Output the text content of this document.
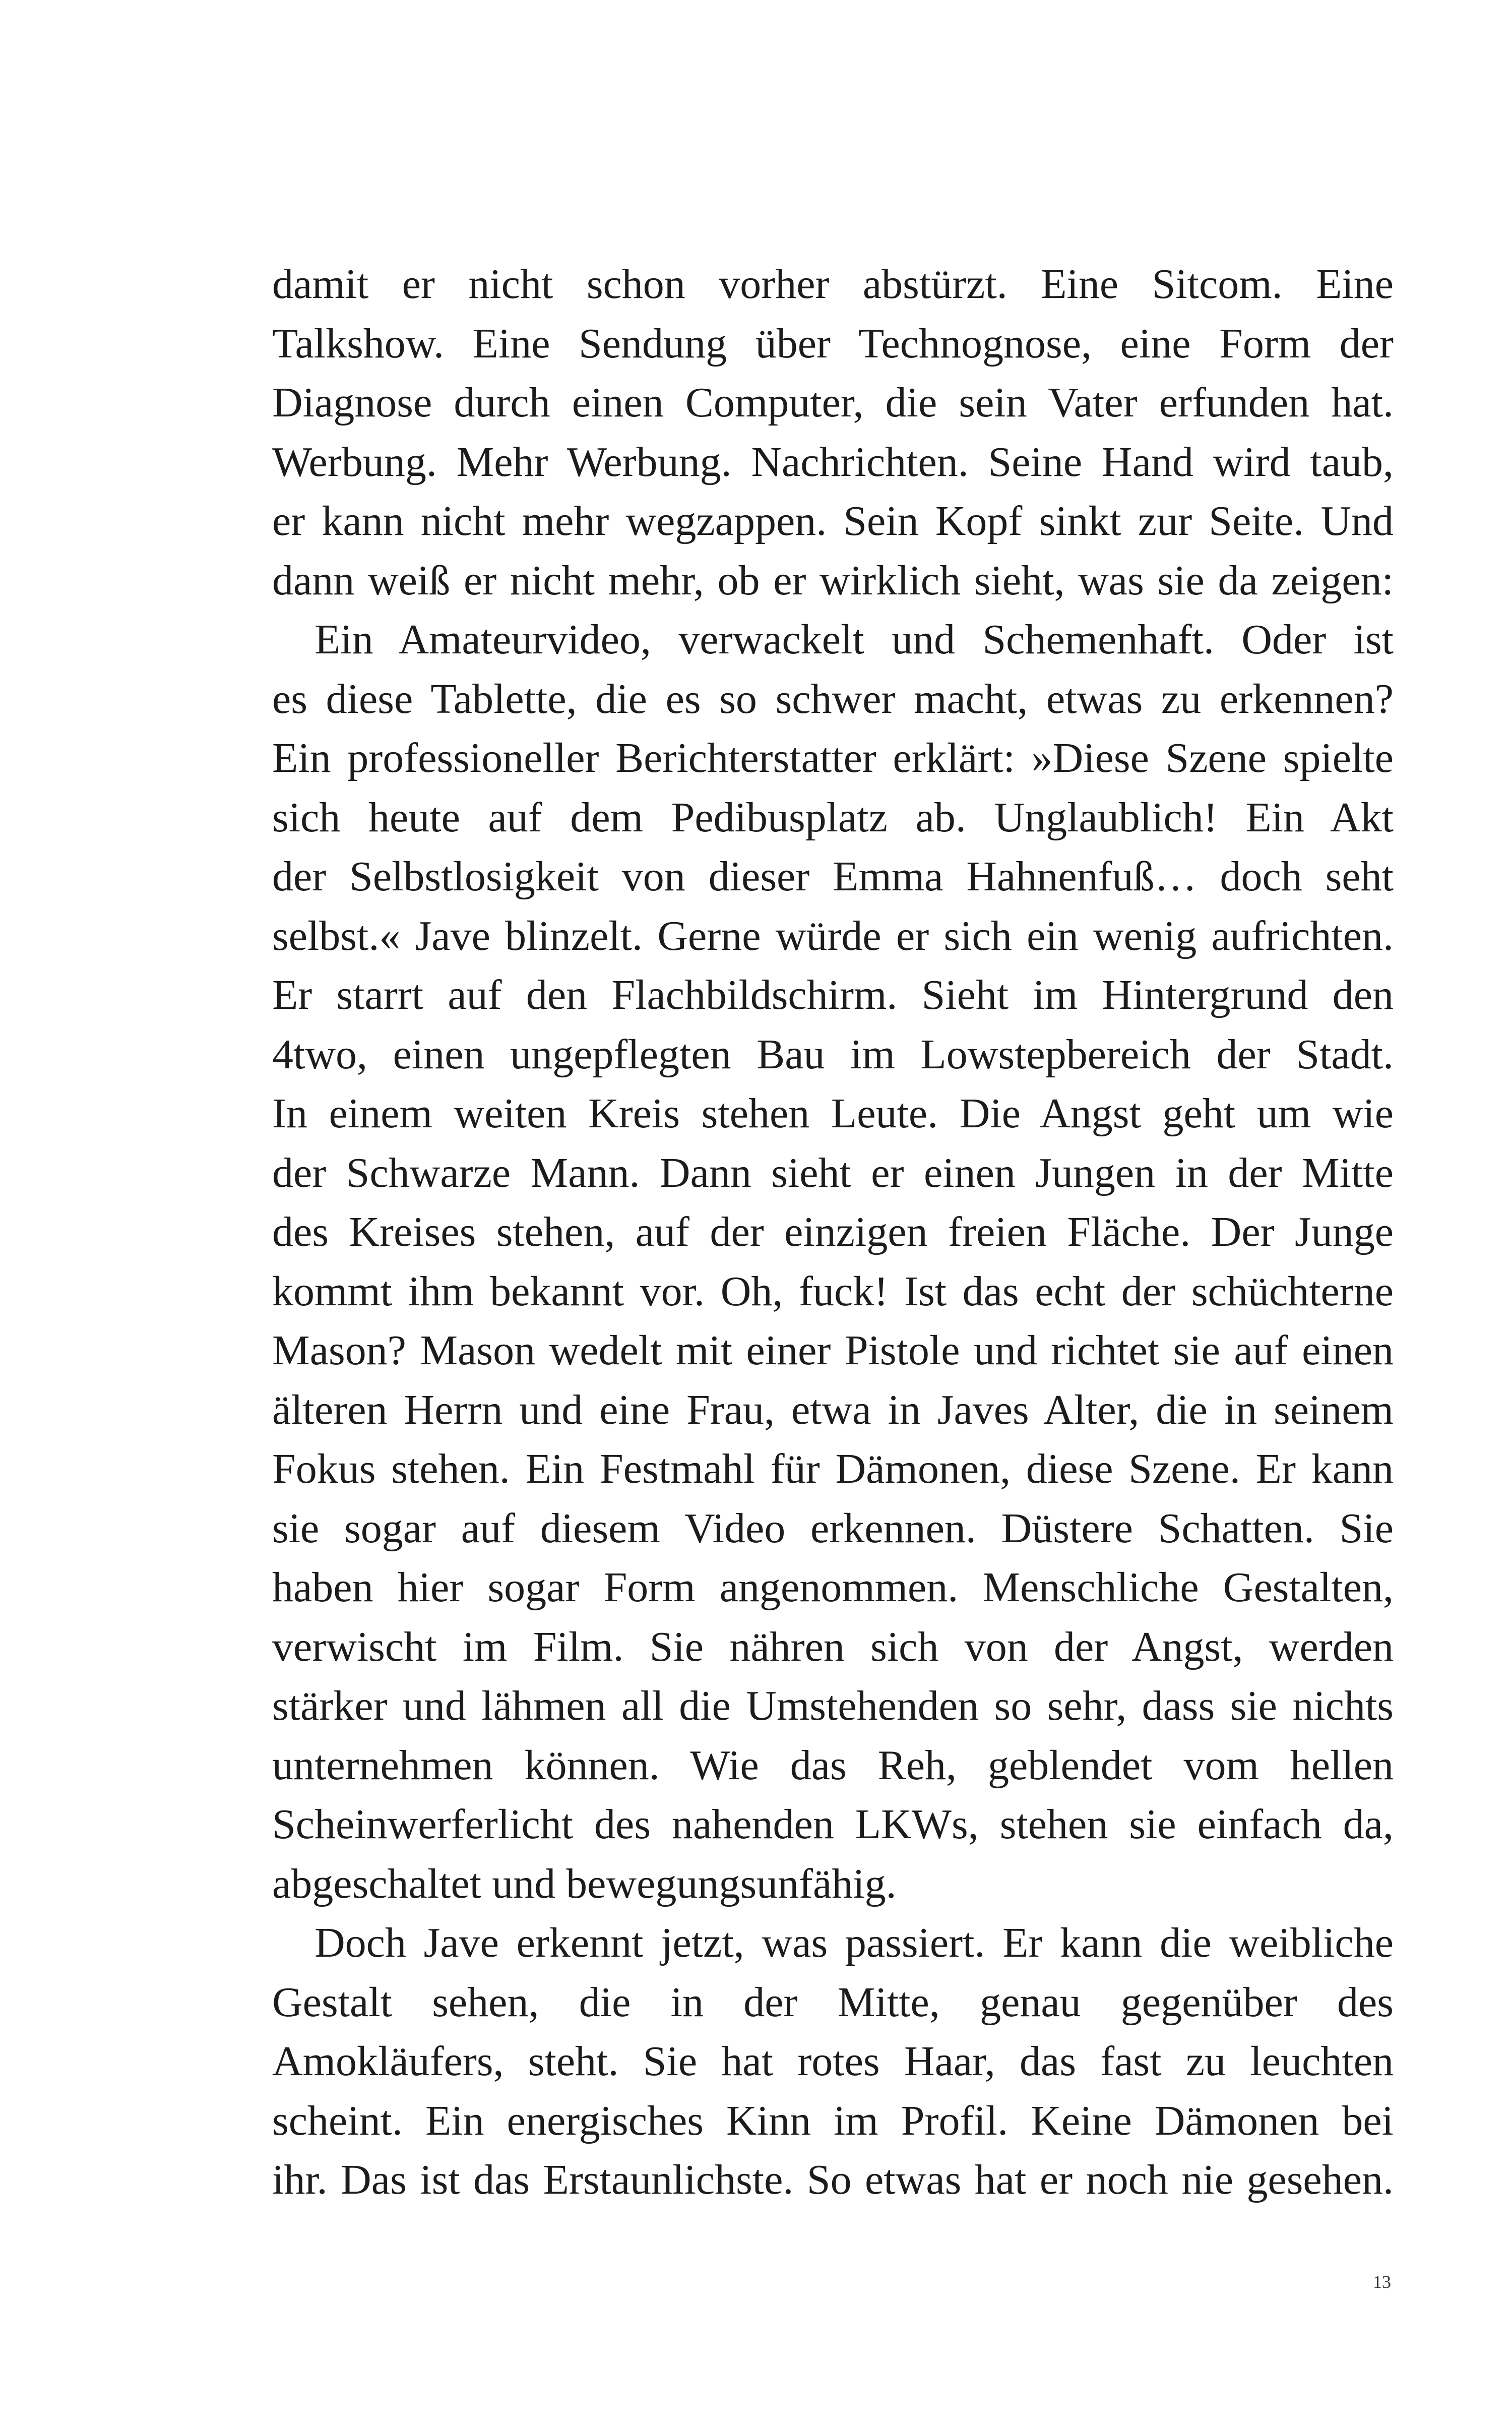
damit er nicht schon vorher abstürzt. Eine Sitcom. Eine
Talkshow. Eine Sendung über Technognose, eine Form der
Diagnose durch einen Computer, die sein Vater erfunden hat.
Werbung. Mehr Werbung. Nachrichten. Seine Hand wird taub,
er kann nicht mehr wegzappen. Sein Kopf sinkt zur Seite. Und
dann weiß er nicht mehr, ob er wirklich sieht, was sie da zeigen:
Ein Amateurvideo, verwackelt und Schemenhaft. Oder ist
es diese Tablette, die es so schwer macht, etwas zu erkennen?
Ein professioneller Berichterstatter erklärt: »Diese Szene spielte
sich heute auf dem Pedibusplatz ab. Unglaublich! Ein Akt
der Selbstlosigkeit von dieser Emma Hahnenfuß… doch seht
selbst.« Jave blinzelt. Gerne würde er sich ein wenig aufrichten.
Er starrt auf den Flachbildschirm. Sieht im Hintergrund den
4two, einen ungepflegten Bau im Lowstepbereich der Stadt.
In einem weiten Kreis stehen Leute. Die Angst geht um wie
der Schwarze Mann. Dann sieht er einen Jungen in der Mitte
des Kreises stehen, auf der einzigen freien Fläche. Der Junge
kommt ihm bekannt vor. Oh, fuck! Ist das echt der schüchterne
Mason? Mason wedelt mit einer Pistole und richtet sie auf einen
älteren Herrn und eine Frau, etwa in Javes Alter, die in seinem
Fokus stehen. Ein Festmahl für Dämonen, diese Szene. Er kann
sie sogar auf diesem Video erkennen. Düstere Schatten. Sie
haben hier sogar Form angenommen. Menschliche Gestalten,
verwischt im Film. Sie nähren sich von der Angst, werden
stärker und lähmen all die Umstehenden so sehr, dass sie nichts
unternehmen können. Wie das Reh, geblendet vom hellen
Scheinwerferlicht des nahenden LKWs, stehen sie einfach da,
abgeschaltet und bewegungsunfähig.
Doch Jave erkennt jetzt, was passiert. Er kann die weibliche
Gestalt sehen, die in der Mitte, genau gegenüber des
Amokläufers, steht. Sie hat rotes Haar, das fast zu leuchten
scheint. Ein energisches Kinn im Profil. Keine Dämonen bei
ihr. Das ist das Erstaunlichste. So etwas hat er noch nie gesehen.
13
